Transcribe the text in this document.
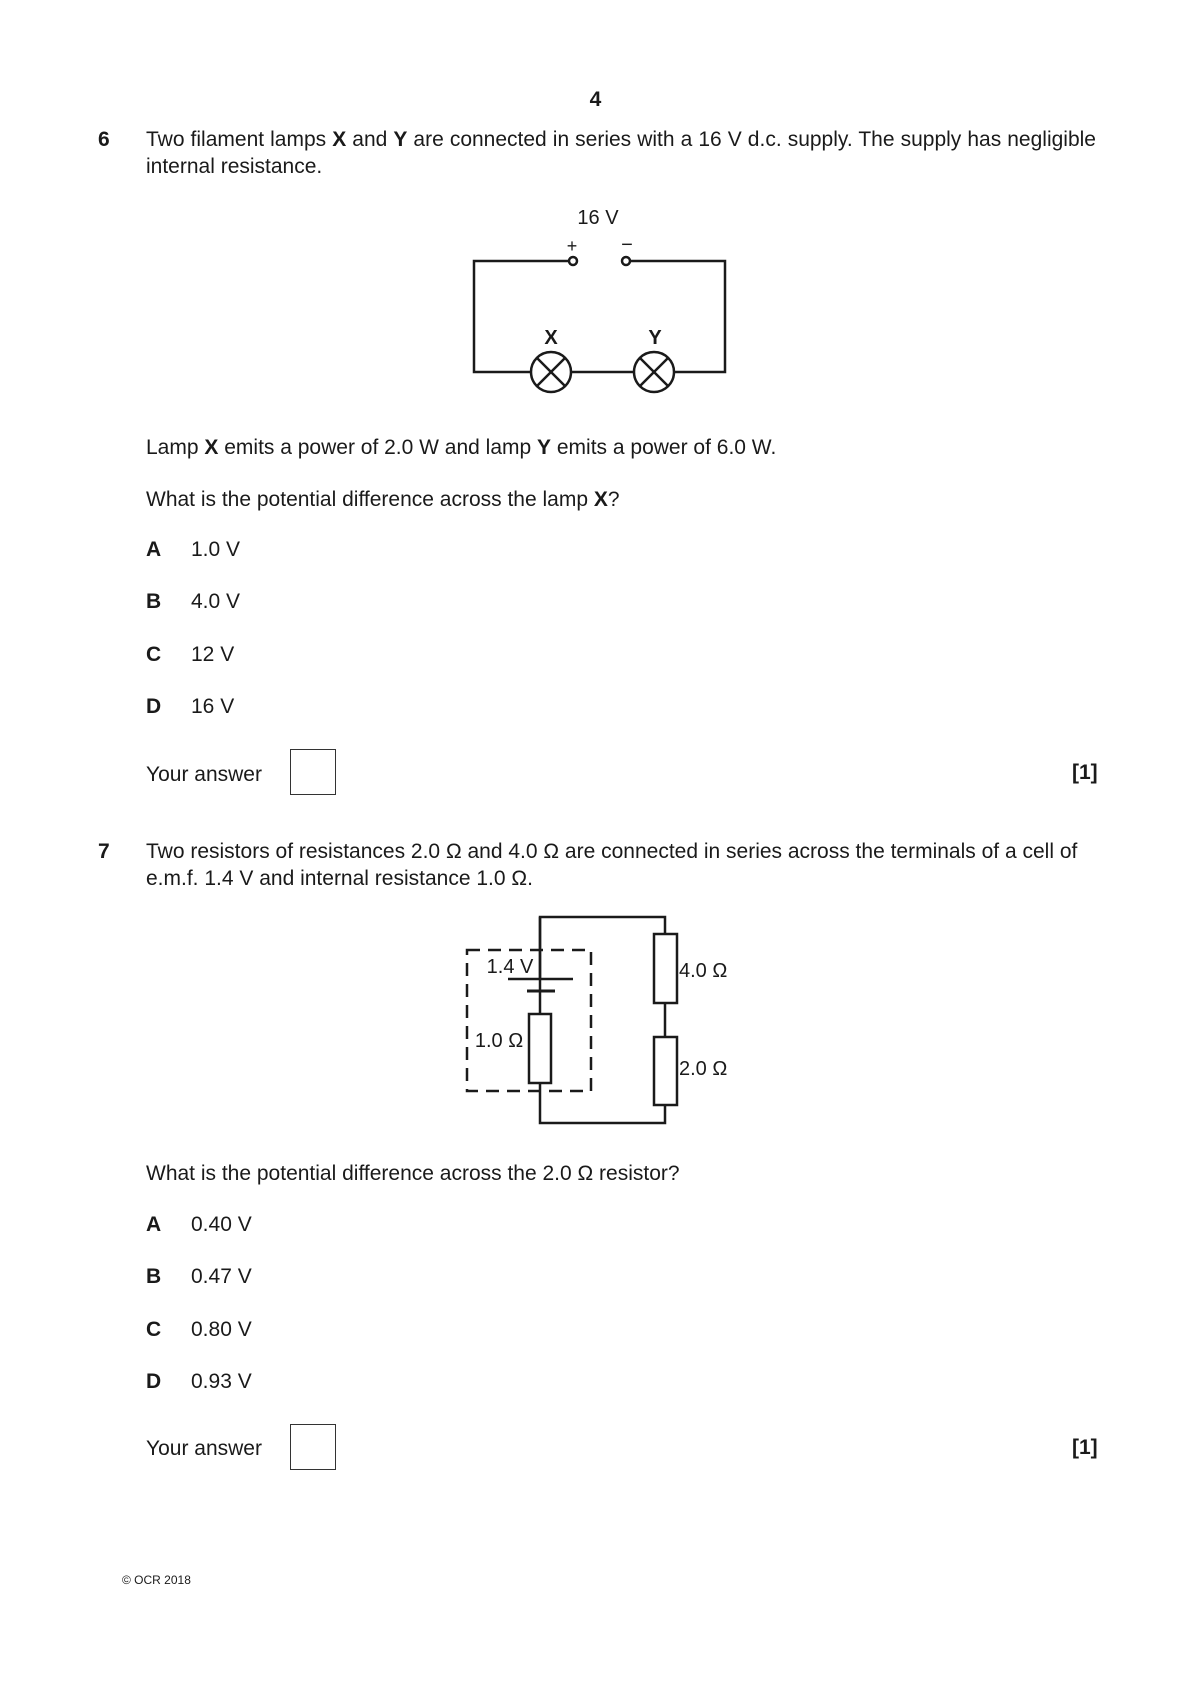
4
6 Two filament lamps X and Y are connected in series with a 16 V d.c. supply. The supply has negligible internal resistance.
16 V
+ −
X	Y
Lamp X emits a power of 2.0 W and lamp Y emits a power of 6.0 W.
What is the potential difference across the lamp X?
A 1.0 V
B 4.0 V
C 12 V
D 16 V
Your answer	[1]
7 Two resistors of resistances 2.0 Ω and 4.0 Ω are connected in series across the terminals of a cell of e.m.f. 1.4 V and internal resistance 1.0 Ω.
1.4 V
1.0 Ω
4.0 Ω
2.0 Ω
What is the potential difference across the 2.0 Ω resistor?
A 0.40 V
B 0.47 V
C 0.80 V
D 0.93 V
Your answer	[1]
© OCR 2018
